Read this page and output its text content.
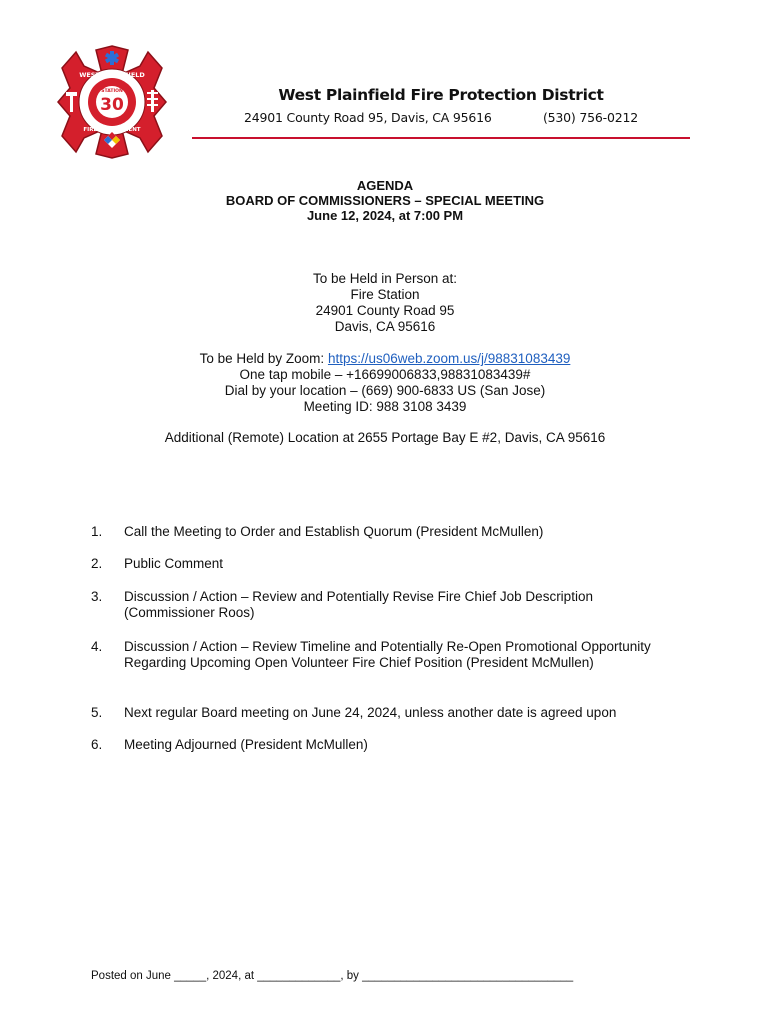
WEST PLAINFIELD
STATION
30
FIRE DEPARTMENT
West Plainfield Fire Protection District
24901 County Road 95, Davis, CA 95616	(530) 756-0212
AGENDA
BOARD OF COMMISSIONERS – SPECIAL MEETING
June 12, 2024, at 7:00 PM
To be Held in Person at:
Fire Station
24901 County Road 95
Davis, CA 95616
To be Held by Zoom: https://us06web.zoom.us/j/98831083439
One tap mobile – +16699006833,98831083439#
Dial by your location – (669) 900-6833 US (San Jose)
Meeting ID: 988 3108 3439
Additional (Remote) Location at 2655 Portage Bay E #2, Davis, CA 95616
1. Call the Meeting to Order and Establish Quorum (President McMullen)
2. Public Comment
3. Discussion / Action – Review and Potentially Revise Fire Chief Job Description (Commissioner Roos)
4. Discussion / Action – Review Timeline and Potentially Re-Open Promotional Opportunity Regarding Upcoming Open Volunteer Fire Chief Position (President McMullen)
5. Next regular Board meeting on June 24, 2024, unless another date is agreed upon
6. Meeting Adjourned (President McMullen)
Posted on June _____, 2024, at _____________, by _________________________________
